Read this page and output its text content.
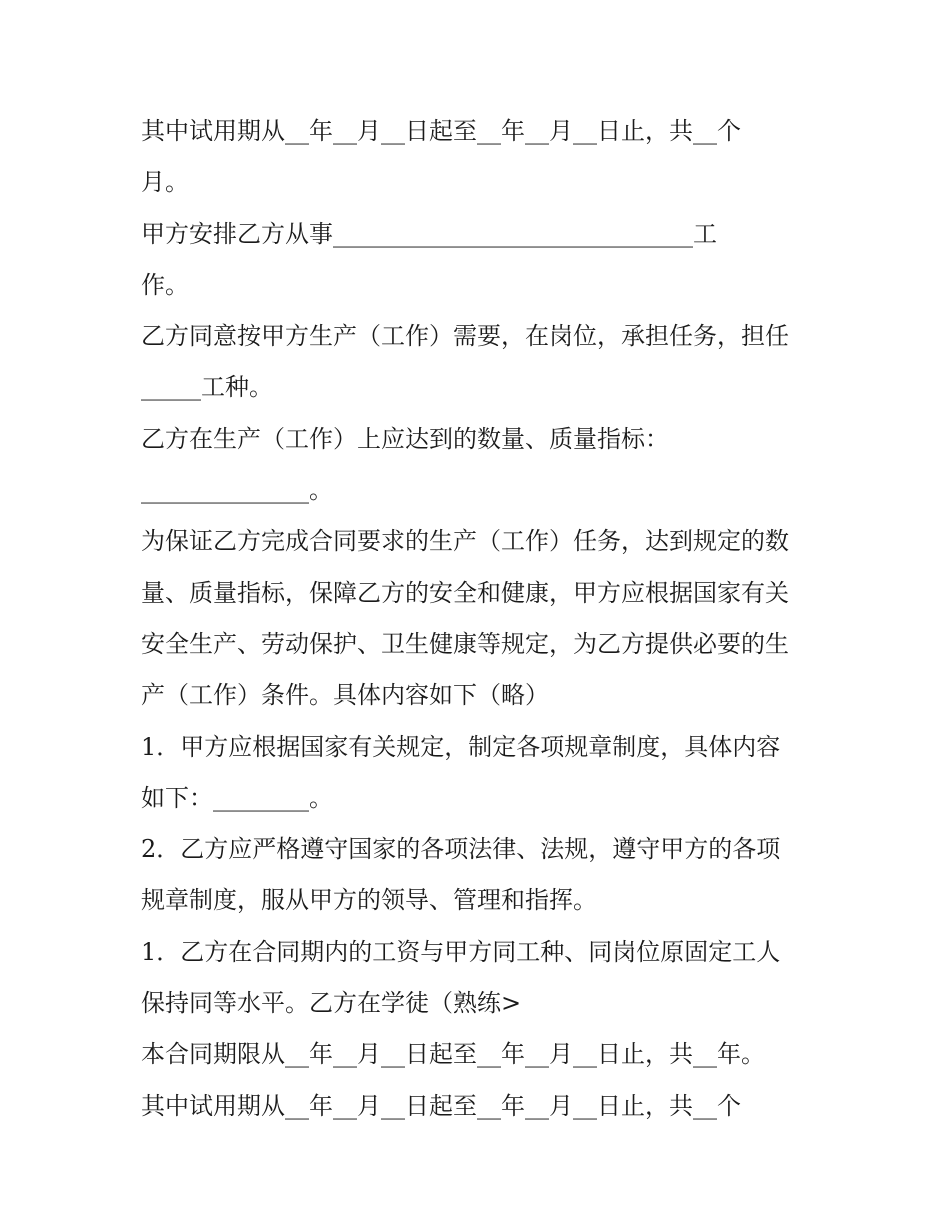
其中试用期从__年__月__日起至__年__月__日止，共__个
月。
甲方安排乙方从事______________________________工
作。
乙方同意按甲方生产（工作）需要，在岗位，承担任务，担任
_____工种。
乙方在生产（工作）上应达到的数量、质量指标：
______________。
为保证乙方完成合同要求的生产（工作）任务，达到规定的数
量、质量指标，保障乙方的安全和健康，甲方应根据国家有关
安全生产、劳动保护、卫生健康等规定，为乙方提供必要的生
产（工作）条件。具体内容如下（略）
1．甲方应根据国家有关规定，制定各项规章制度，具体内容
如下：________。
2．乙方应严格遵守国家的各项法律、法规，遵守甲方的各项
规章制度，服从甲方的领导、管理和指挥。
1．乙方在合同期内的工资与甲方同工种、同岗位原固定工人
保持同等水平。乙方在学徒（熟练>
本合同期限从__年__月__日起至__年__月__日止，共__年。
其中试用期从__年__月__日起至__年__月__日止，共__个
